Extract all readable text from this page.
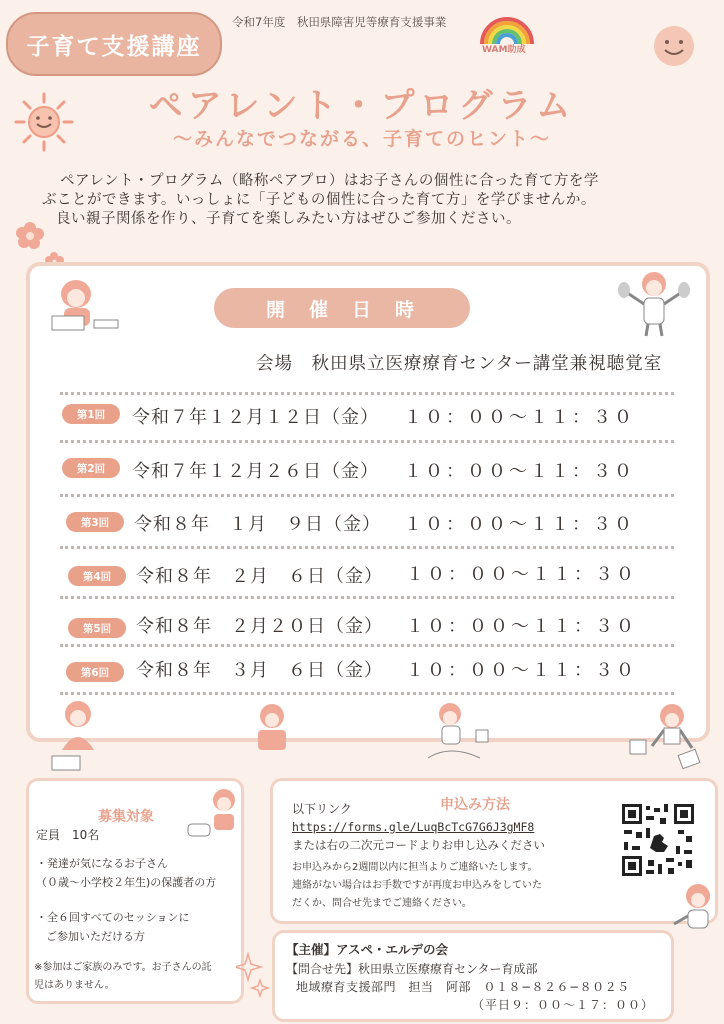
子育て支援講座
令和7年度　秋田県障害児等療育支援事業
WAM助成
ペアレント・プログラム
〜みんなでつながる、子育てのヒント〜
ペアレント・プログラム（略称ペアプロ）はお子さんの個性に合った育て方を学
ぶことができます。いっしょに「子どもの個性に合った育て方」を学びませんか。
良い親子関係を作り、子育てを楽しみたい方はぜひご参加ください。
開催日時
会場　秋田県立医療療育センター講堂兼視聴覚室
第1回	令和７年１２月１２日（金） １０：００〜１１：３０
第2回	令和７年１２月２６日（金） １０：００〜１１：３０
第3回	令和８年　１月　９日（金） １０：００〜１１：３０
第4回	令和８年　２月　６日（金） １０：００〜１１：３０
第5回	令和８年　２月２０日（金） １０：００〜１１：３０
第6回	令和８年　３月　６日（金） １０：００〜１１：３０
募集対象
定員　10名
・発達が気になるお子さん
（０歳〜小学校２年生)の保護者の方
・全６回すべてのセッションに
ご参加いただける方
※参加はご家族のみです。お子さんの託
児はありません。
申込み方法
以下リンク
https://forms.gle/LuqBcTcG7G6J3gMF8
または右の二次元コードよりお申し込みください
お申込みから2週間以内に担当よりご連絡いたします。
連絡がない場合はお手数ですが再度お申込みをしていた
だくか、問合せ先までご連絡ください。
【主催】アスペ・エルデの会
【問合せ先】秋田県立医療療育センター育成部
地域療育支援部門　担当　阿部　０１８−８２６−８０２５
（平日９：００〜１７：００）
